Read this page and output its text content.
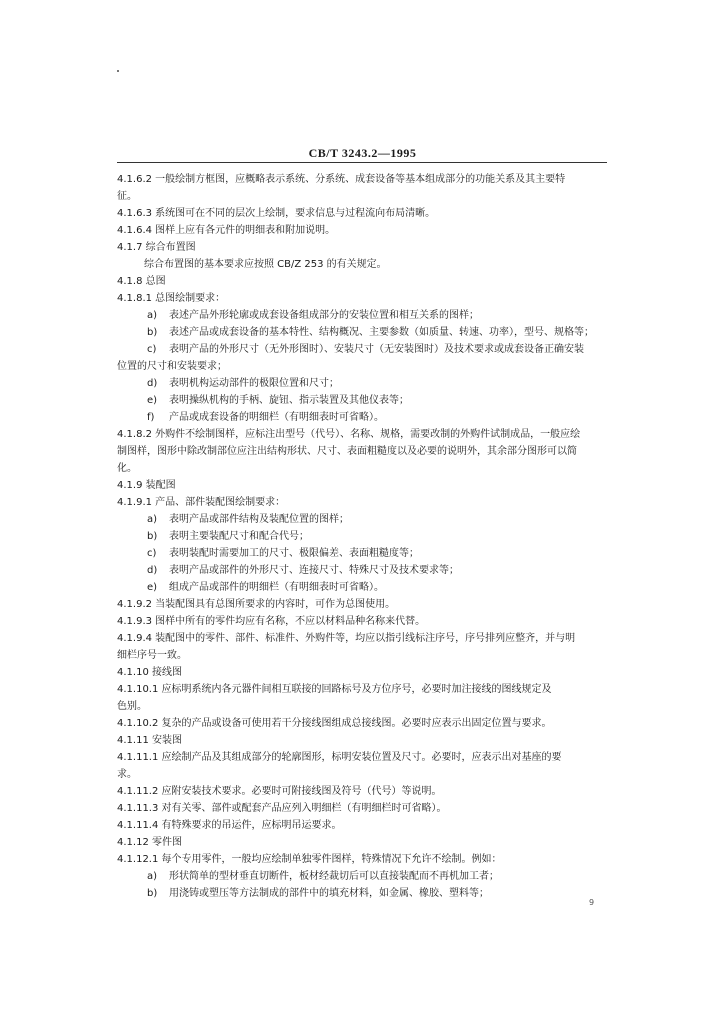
CB/T 3243.2—1995
4.1.6.2 一般绘制方框图，应概略表示系统、分系统、成套设备等基本组成部分的功能关系及其主要特
征。
4.1.6.3 系统图可在不同的层次上绘制，要求信息与过程流向布局清晰。
4.1.6.4 图样上应有各元件的明细表和附加说明。
4.1.7 综合布置图
综合布置图的基本要求应按照 CB/Z 253 的有关规定。
4.1.8 总图
4.1.8.1 总图绘制要求：
a) 表述产品外形轮廓或成套设备组成部分的安装位置和相互关系的图样；
b) 表述产品或成套设备的基本特性、结构概况、主要参数（如质量、转速、功率），型号、规格等；
c) 表明产品的外形尺寸（无外形图时）、安装尺寸（无安装图时）及技术要求或成套设备正确安装
位置的尺寸和安装要求；
d) 表明机构运动部件的极限位置和尺寸；
e) 表明操纵机构的手柄、旋钮、指示装置及其他仪表等；
f) 产品或成套设备的明细栏（有明细表时可省略）。
4.1.8.2 外购件不绘制图样，应标注出型号（代号）、名称、规格，需要改制的外购件试制成品，一般应绘
制图样，图形中除改制部位应注出结构形状、尺寸、表面粗糙度以及必要的说明外，其余部分图形可以简
化。
4.1.9 装配图
4.1.9.1 产品、部件装配图绘制要求：
a) 表明产品或部件结构及装配位置的图样；
b) 表明主要装配尺寸和配合代号；
c) 表明装配时需要加工的尺寸、极限偏差、表面粗糙度等；
d) 表明产品或部件的外形尺寸、连接尺寸、特殊尺寸及技术要求等；
e) 组成产品或部件的明细栏（有明细表时可省略）。
4.1.9.2 当装配图具有总图所要求的内容时，可作为总图使用。
4.1.9.3 图样中所有的零件均应有名称，不应以材料品种名称来代替。
4.1.9.4 装配图中的零件、部件、标准件、外购件等，均应以指引线标注序号，序号排列应整齐，并与明
细栏序号一致。
4.1.10 接线图
4.1.10.1 应标明系统内各元器件间相互联接的回路标号及方位序号，必要时加注接线的图线规定及
色别。
4.1.10.2 复杂的产品或设备可使用若干分接线图组成总接线图。必要时应表示出固定位置与要求。
4.1.11 安装图
4.1.11.1 应绘制产品及其组成部分的轮廓图形，标明安装位置及尺寸。必要时，应表示出对基座的要
求。
4.1.11.2 应附安装技术要求。必要时可附接线图及符号（代号）等说明。
4.1.11.3 对有关零、部件或配套产品应列入明细栏（有明细栏时可省略）。
4.1.11.4 有特殊要求的吊运件，应标明吊运要求。
4.1.12 零件图
4.1.12.1 每个专用零件，一般均应绘制单独零件图样，特殊情况下允许不绘制。例如：
a) 形状简单的型材垂直切断件，板材经裁切后可以直接装配而不再机加工者；
b) 用浇铸或塑压等方法制成的部件中的填充材料，如金属、橡胶、塑料等；
9
